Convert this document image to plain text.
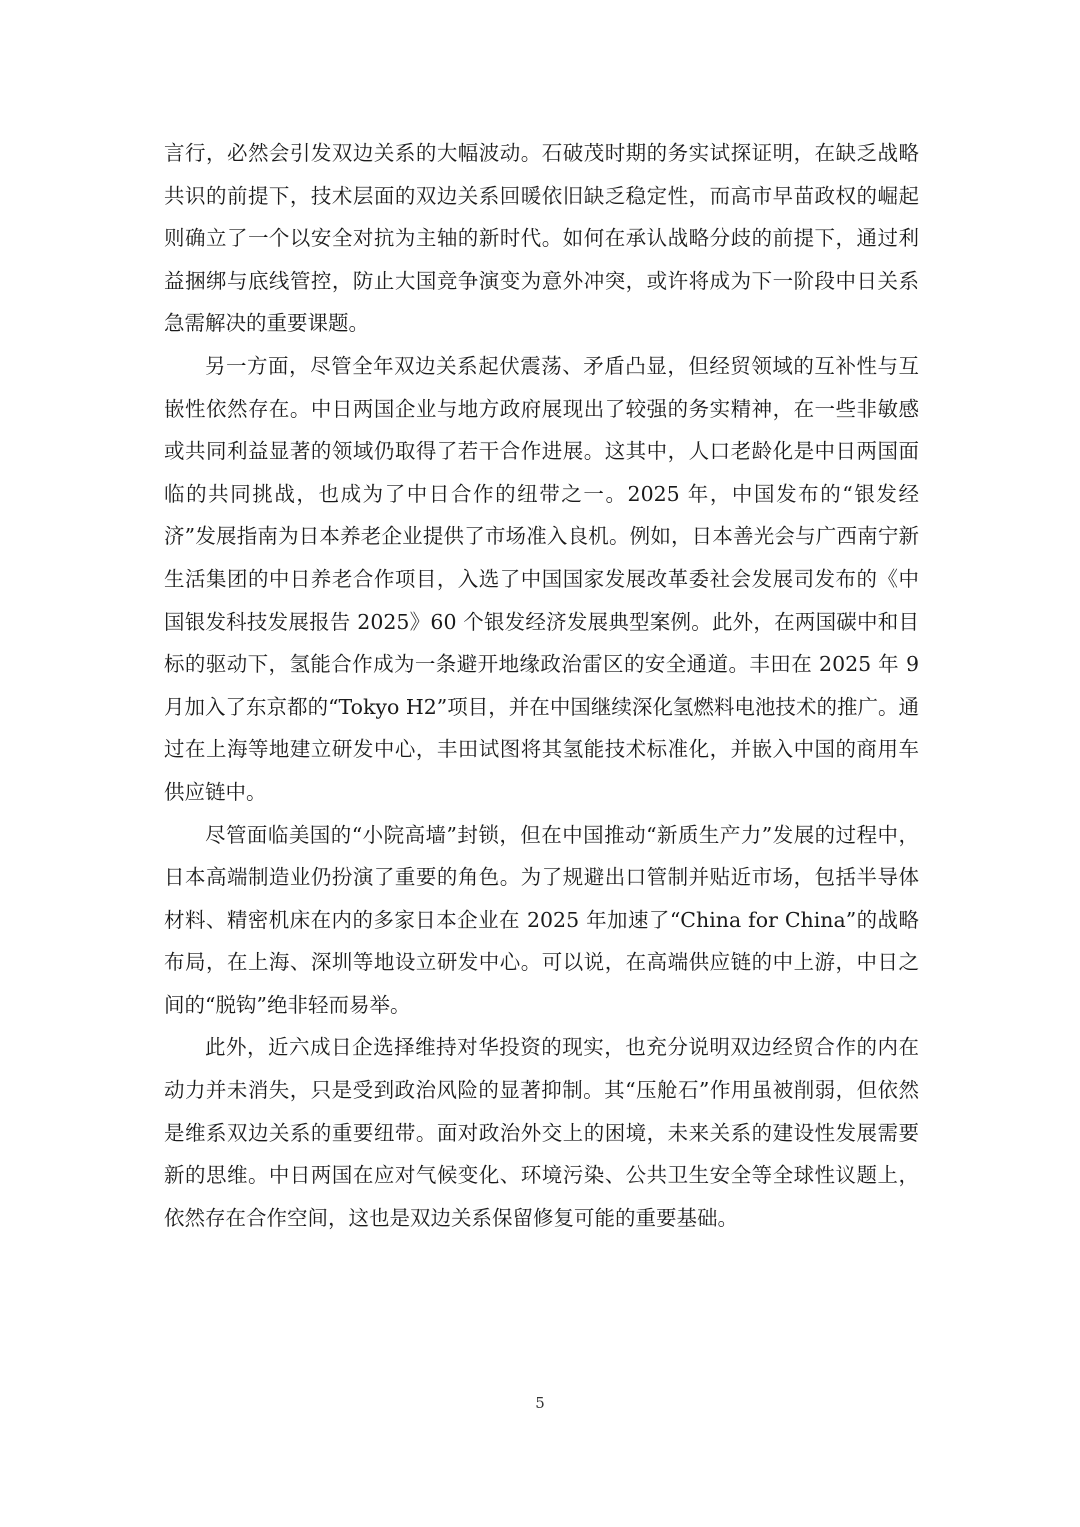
言行，必然会引发双边关系的大幅波动。石破茂时期的务实试探证明，在缺乏战略共识的前提下，技术层面的双边关系回暖依旧缺乏稳定性，而高市早苗政权的崛起则确立了一个以安全对抗为主轴的新时代。如何在承认战略分歧的前提下，通过利益捆绑与底线管控，防止大国竞争演变为意外冲突，或许将成为下一阶段中日关系急需解决的重要课题。

另一方面，尽管全年双边关系起伏震荡、矛盾凸显，但经贸领域的互补性与互嵌性依然存在。中日两国企业与地方政府展现出了较强的务实精神，在一些非敏感或共同利益显著的领域仍取得了若干合作进展。这其中，人口老龄化是中日两国面临的共同挑战，也成为了中日合作的纽带之一。2025 年，中国发布的“银发经济”发展指南为日本养老企业提供了市场准入良机。例如，日本善光会与广西南宁新生活集团的中日养老合作项目，入选了中国国家发展改革委社会发展司发布的《中国银发科技发展报告 2025》60 个银发经济发展典型案例。此外，在两国碳中和目标的驱动下，氢能合作成为一条避开地缘政治雷区的安全通道。丰田在 2025 年 9 月加入了东京都的“Tokyo H2”项目，并在中国继续深化氢燃料电池技术的推广。通过在上海等地建立研发中心，丰田试图将其氢能技术标准化，并嵌入中国的商用车供应链中。

尽管面临美国的“小院高墙”封锁，但在中国推动“新质生产力”发展的过程中，日本高端制造业仍扮演了重要的角色。为了规避出口管制并贴近市场，包括半导体材料、精密机床在内的多家日本企业在 2025 年加速了“China for China”的战略布局，在上海、深圳等地设立研发中心。可以说，在高端供应链的中上游，中日之间的“脱钩”绝非轻而易举。

此外，近六成日企选择维持对华投资的现实，也充分说明双边经贸合作的内在动力并未消失，只是受到政治风险的显著抑制。其“压舱石”作用虽被削弱，但依然是维系双边关系的重要纽带。面对政治外交上的困境，未来关系的建设性发展需要新的思维。中日两国在应对气候变化、环境污染、公共卫生安全等全球性议题上，依然存在合作空间，这也是双边关系保留修复可能的重要基础。

5
